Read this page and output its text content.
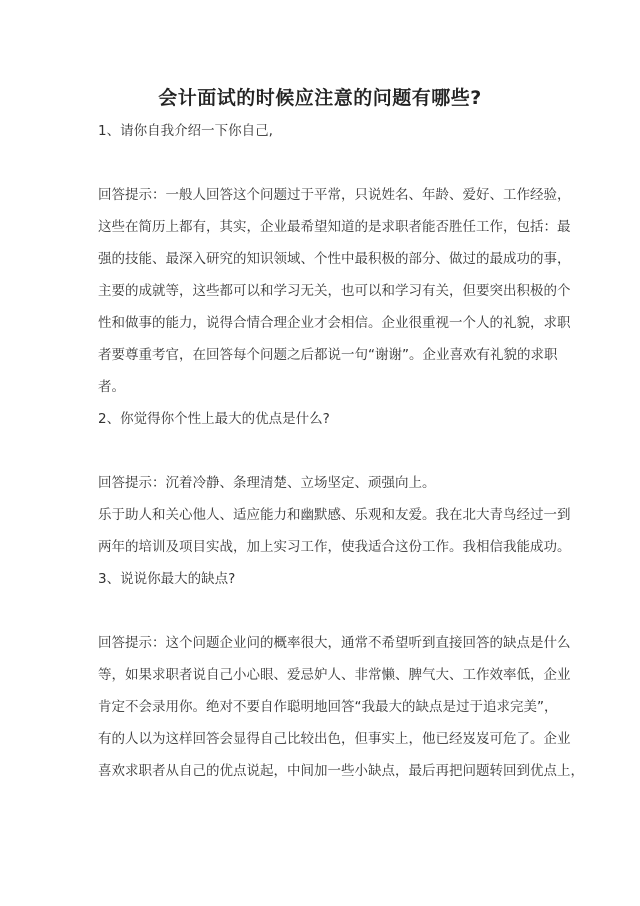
会计面试的时候应注意的问题有哪些?
1、请你自我介绍一下你自己,
回答提示：一般人回答这个问题过于平常，只说姓名、年龄、爱好、工作经验，
这些在简历上都有，其实，企业最希望知道的是求职者能否胜任工作，包括：最
强的技能、最深入研究的知识领域、个性中最积极的部分、做过的最成功的事，
主要的成就等，这些都可以和学习无关，也可以和学习有关，但要突出积极的个
性和做事的能力，说得合情合理企业才会相信。企业很重视一个人的礼貌，求职
者要尊重考官，在回答每个问题之后都说一句“谢谢”。企业喜欢有礼貌的求职
者。
2、你觉得你个性上最大的优点是什么?
回答提示：沉着冷静、条理清楚、立场坚定、顽强向上。
乐于助人和关心他人、适应能力和幽默感、乐观和友爱。我在北大青鸟经过一到
两年的培训及项目实战，加上实习工作，使我适合这份工作。我相信我能成功。
3、说说你最大的缺点?
回答提示：这个问题企业问的概率很大，通常不希望听到直接回答的缺点是什么
等，如果求职者说自己小心眼、爱忌妒人、非常懒、脾气大、工作效率低，企业
肯定不会录用你。绝对不要自作聪明地回答“我最大的缺点是过于追求完美”，
有的人以为这样回答会显得自己比较出色，但事实上，他已经岌岌可危了。企业
喜欢求职者从自己的优点说起，中间加一些小缺点，最后再把问题转回到优点上，
